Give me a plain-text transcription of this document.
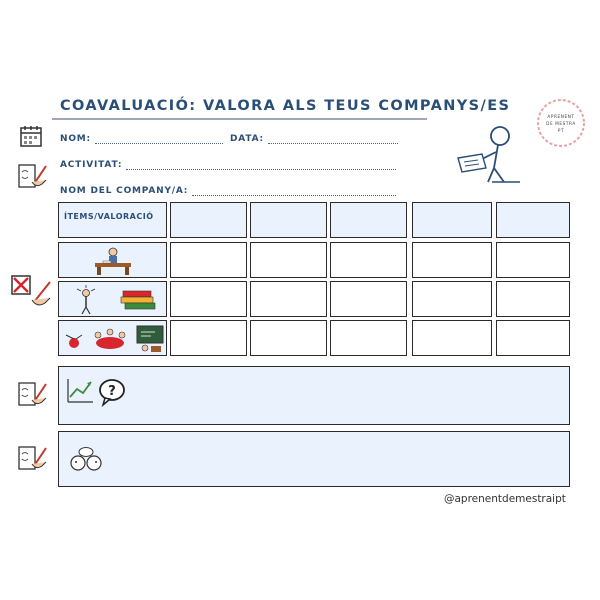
COAVALUACIÓ: VALORA ALS TEUS COMPANYS/ES
APRENENT
DE MESTRA
PT
NOM:	DATA:
ACTIVITAT:
NOM DEL COMPANY/A:
ÍTEMS/VALORACIÓ
?
@aprenentdemestraipt
